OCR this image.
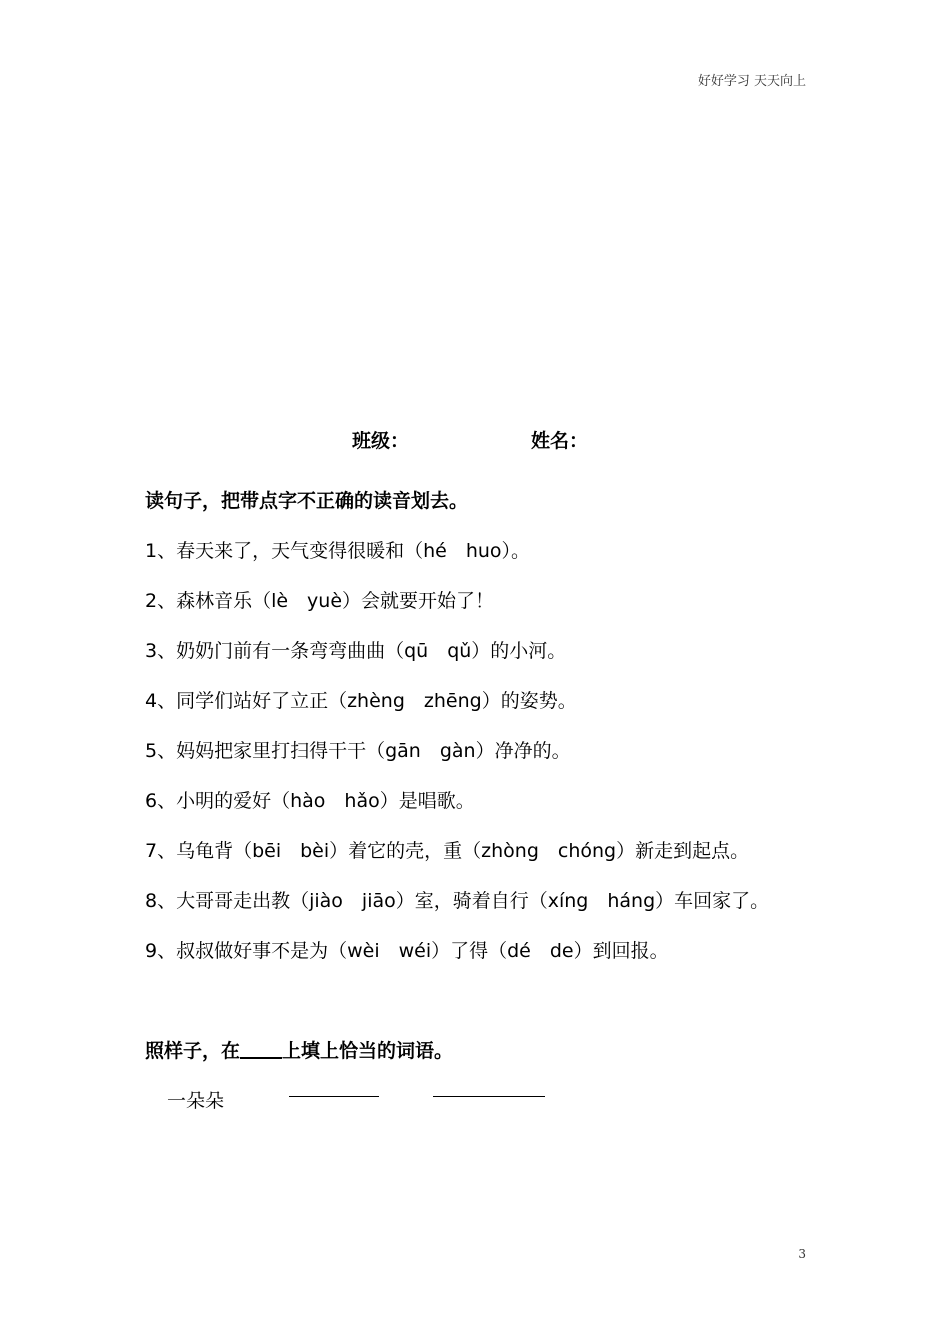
好好学习 天天向上
班级：	姓名：
读句子，把带点字不正确的读音划去。
1、春天来了，天气变得很暖和（hé　huo）。
2、森林音乐（lè　yuè）会就要开始了！
3、奶奶门前有一条弯弯曲曲（qū　qǔ）的小河。
4、同学们站好了立正（zhèng　zhēng）的姿势。
5、妈妈把家里打扫得干干（gān　gàn）净净的。
6、小明的爱好（hào　hǎo）是唱歌。
7、乌龟背（bēi　bèi）着它的壳，重（zhòng　chóng）新走到起点。
8、大哥哥走出教（jiào　jiāo）室，骑着自行（xíng　háng）车回家了。
9、叔叔做好事不是为（wèi　wéi）了得（dé　de）到回报。
照样子，在 上填上恰当的词语。
一朵朵
3
